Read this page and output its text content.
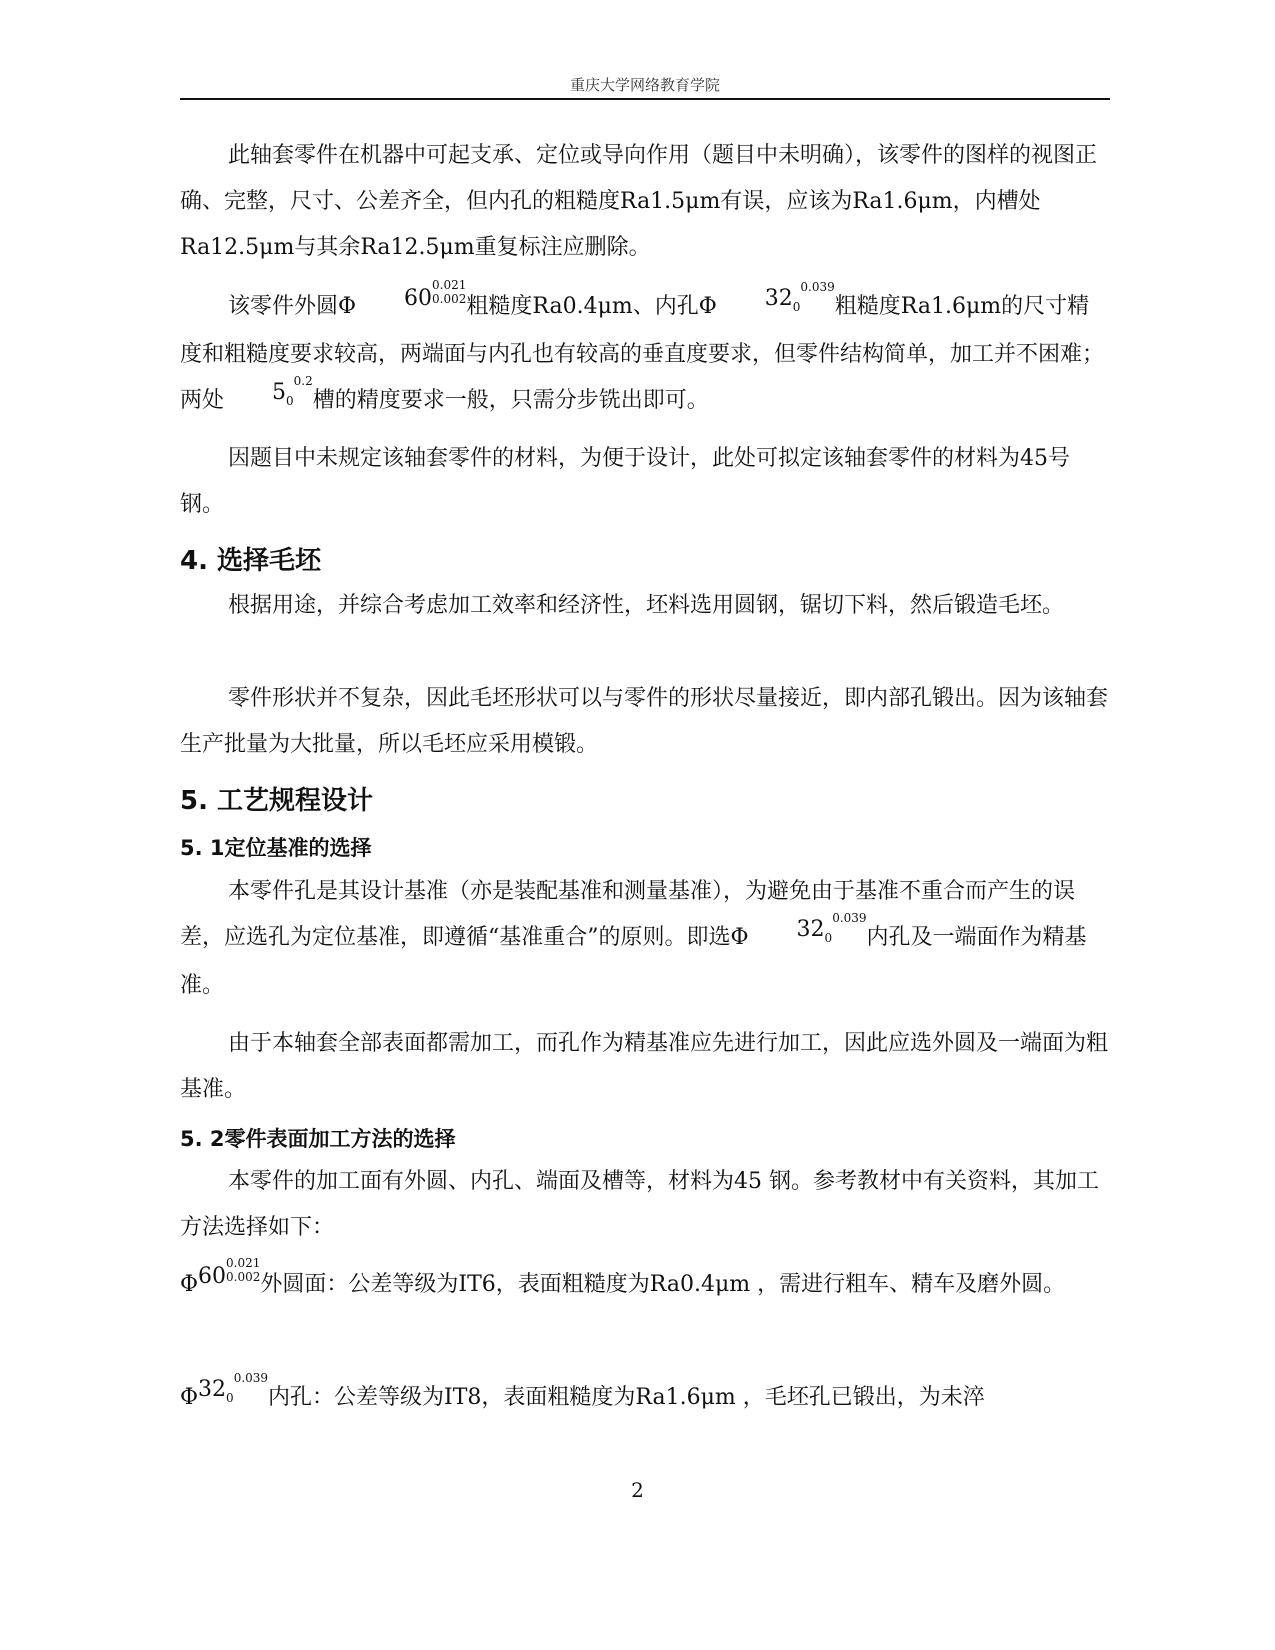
重庆大学网络教育学院

此轴套零件在机器中可起支承、定位或导向作用（题目中未明确），该零件的图样的视图正确、完整，尺寸、公差齐全，但内孔的粗糙度Ra1.5μm有误，应该为Ra1.6μm，内槽处Ra12.5μm与其余Ra12.5μm重复标注应删除。

该零件外圆Φ 60
0.021
0.002 粗糙度Ra0.4μm、内孔Φ $320^{0.039}$粗糙度Ra1.6μm的尺寸精度和粗糙度要求较高，两端面与内孔也有较高的垂直度要求，但零件结构简单，加工并不困难；两处 $50^{0.2}$槽的精度要求一般，只需分步铣出即可。

因题目中未规定该轴套零件的材料，为便于设计，此处可拟定该轴套零件的材料为45号钢。

4. 选择毛坯

根据用途，并综合考虑加工效率和经济性，坯料选用圆钢，锯切下料，然后锻造毛坯。

零件形状并不复杂，因此毛坯形状可以与零件的形状尽量接近，即内部孔锻出。因为该轴套生产批量为大批量，所以毛坯应采用模锻。

5. 工艺规程设计
5. 1定位基准的选择

本零件孔是其设计基准（亦是装配基准和测量基准），为避免由于基准不重合而产生的误差，应选孔为定位基准，即遵循“基准重合”的原则。即选Φ $320^{0.039}$内孔及一端面作为精基准。

由于本轴套全部表面都需加工，而孔作为精基准应先进行加工，因此应选外圆及一端面为粗基准。

5. 2零件表面加工方法的选择

本零件的加工面有外圆、内孔、端面及槽等，材料为45 钢。参考教材中有关资料，其加工方法选择如下：

Φ60
0.021
0.002 外圆面：公差等级为IT6，表面粗糙度为Ra0.4μm ，需进行粗车、精车及磨外圆。

$\Phi 320^{0.039}$内孔：公差等级为IT8，表面粗糙度为Ra1.6μm ，毛坯孔已锻出，为未淬

2
